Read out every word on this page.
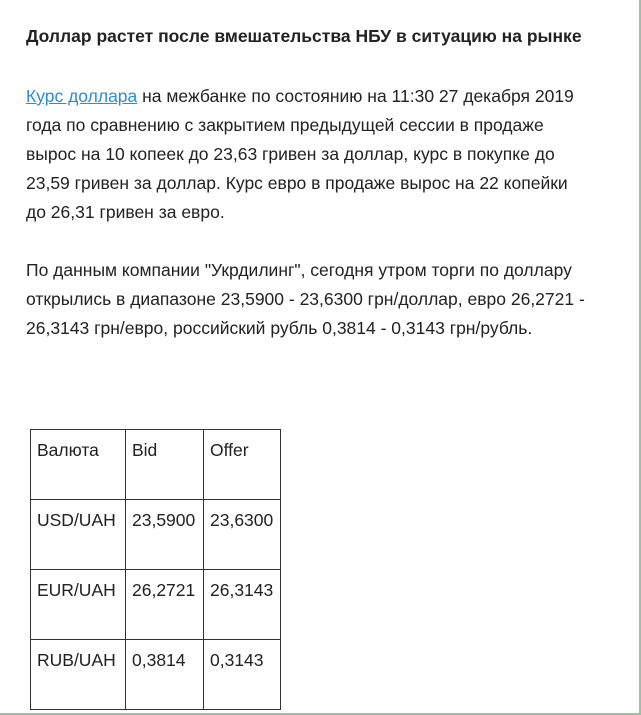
Доллар растет после вмешательства НБУ в ситуацию на рынке

Курс доллара на межбанке по состоянию на 11:30 27 декабря 2019 года по сравнению с закрытием предыдущей сессии в продаже вырос на 10 копеек до 23,63 гривен за доллар, курс в покупке до 23,59 гривен за доллар. Курс евро в продаже вырос на 22 копейки до 26,31 гривен за евро.

По данным компании "Укрдилинг", сегодня утром торги по доллару открылись в диапазоне 23,5900 - 23,6300 грн/доллар, евро 26,2721 - 26,3143 грн/евро, российский рубль 0,3814 - 0,3143 грн/рубль.

Валюта	Bid	Offer
USD/UAH	23,5900	23,6300
EUR/UAH	26,2721	26,3143
RUB/UAH	0,3814	0,3143
